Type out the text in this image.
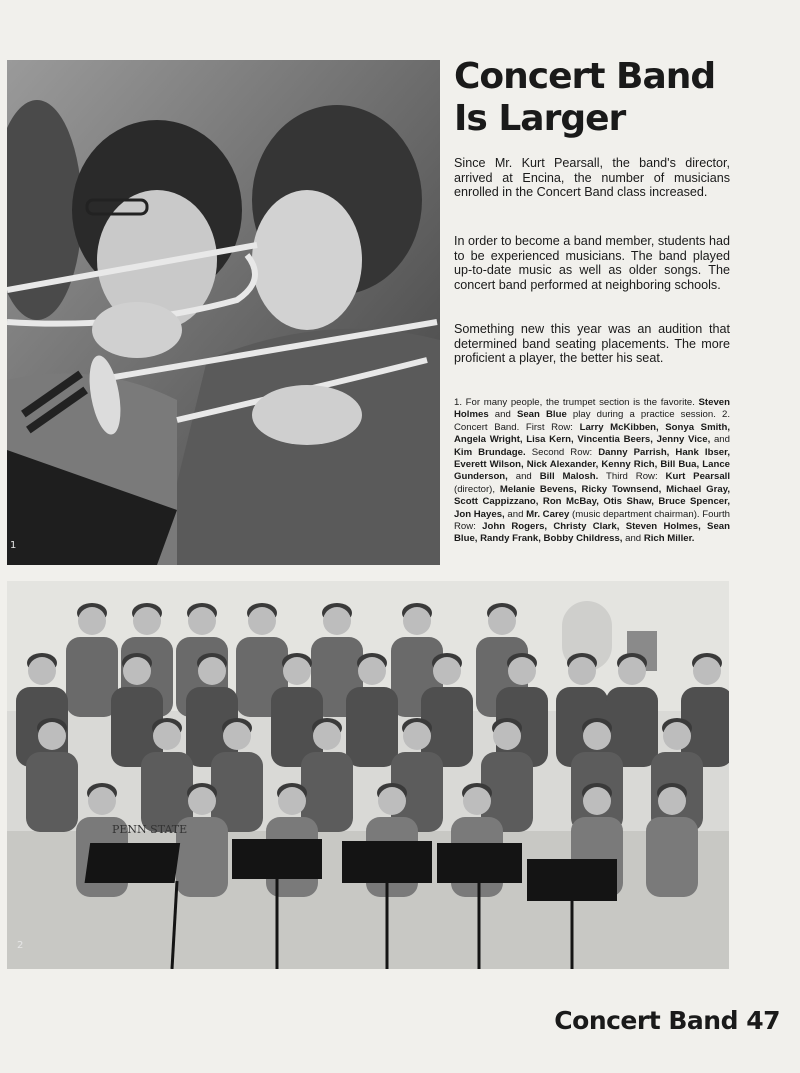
1
Concert Band
Is Larger

Since Mr. Kurt Pearsall, the band's director, arrived at Encina, the number of musicians enrolled in the Concert Band class increased.

In order to become a band member, students had to be experienced musicians. The band played up-to-date music as well as older songs. The concert band performed at neighboring schools.

Something new this year was an audition that determined band seating placements. The more proficient a player, the better his seat.

1. For many people, the trumpet section is the favorite. Steven Holmes and Sean Blue play during a practice session. 2. Concert Band. First Row: Larry McKibben, Sonya Smith, Angela Wright, Lisa Kern, Vincentia Beers, Jenny Vice, and Kim Brundage. Second Row: Danny Parrish, Hank Ibser, Everett Wilson, Nick Alexander, Kenny Rich, Bill Bua, Lance Gunderson, and Bill Malosh. Third Row: Kurt Pearsall (director), Melanie Bevens, Ricky Townsend, Michael Gray, Scott Cappizzano, Ron McBay, Otis Shaw, Bruce Spencer, Jon Hayes, and Mr. Carey (music department chairman). Fourth Row: John Rogers, Christy Clark, Steven Holmes, Sean Blue, Randy Frank, Bobby Childress, and Rich Miller.

PENN STATE
2

Concert Band 47
